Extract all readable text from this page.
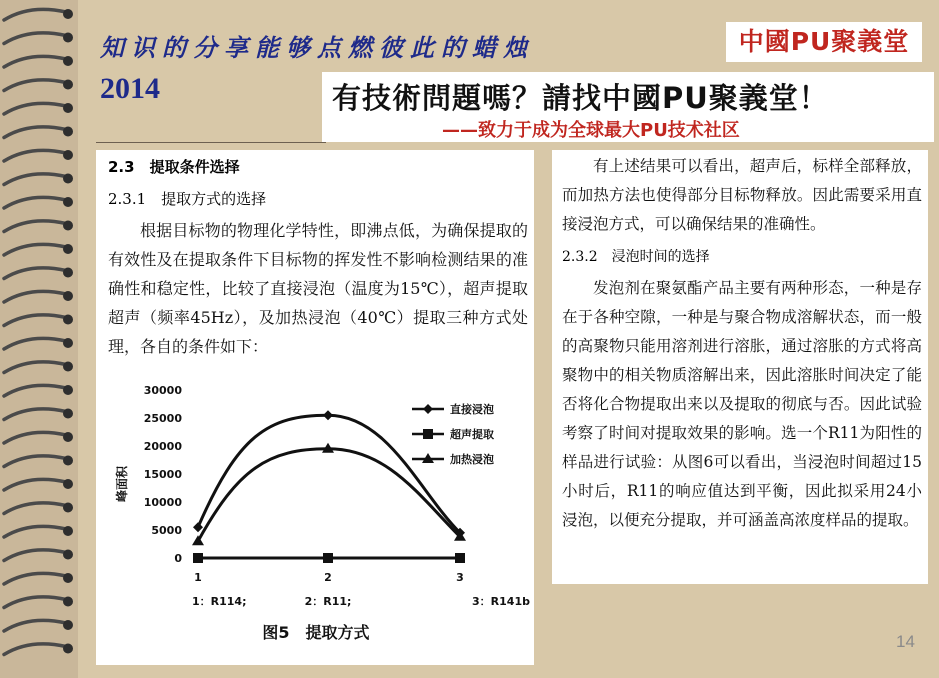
知识的分享能够点燃彼此的蜡烛
2014
中國PU聚義堂
有技術問題嗎？請找中國PU聚義堂！
——致力于成为全球最大PU技术社区
2.3　提取条件选择
2.3.1　提取方式的选择

根据目标物的物理化学特性，即沸点低，为确保提取的有效性及在提取条件下目标物的挥发性不影响检测结果的准确性和稳定性，比较了直接浸泡（温度为15℃），超声提取超声（频率45Hz），及加热浸泡（40℃）提取三种方式处理，各自的条件如下：

峰面积
0
5000
10000
15000
20000
25000
30000
直接浸泡
超声提取
加热浸泡
1
1：R114;
2
2：R11;
3
3：R141b
图5　提取方式

有上述结果可以看出，超声后，标样全部释放，而加热方法也使得部分目标物释放。因此需要采用直接浸泡方式，可以确保结果的准确性。

2.3.2　浸泡时间的选择

发泡剂在聚氨酯产品主要有两种形态，一种是存在于各种空隙，一种是与聚合物成溶解状态，而一般的高聚物只能用溶剂进行溶胀，通过溶胀的方式将高聚物中的相关物质溶解出来，因此溶胀时间决定了能否将化合物提取出来以及提取的彻底与否。因此试验考察了时间对提取效果的影响。选一个R11为阳性的样品进行试验：从图6可以看出，当浸泡时间超过15小时后，R11的响应值达到平衡，因此拟采用24小浸泡，以便充分提取，并可涵盖高浓度样品的提取。

14
